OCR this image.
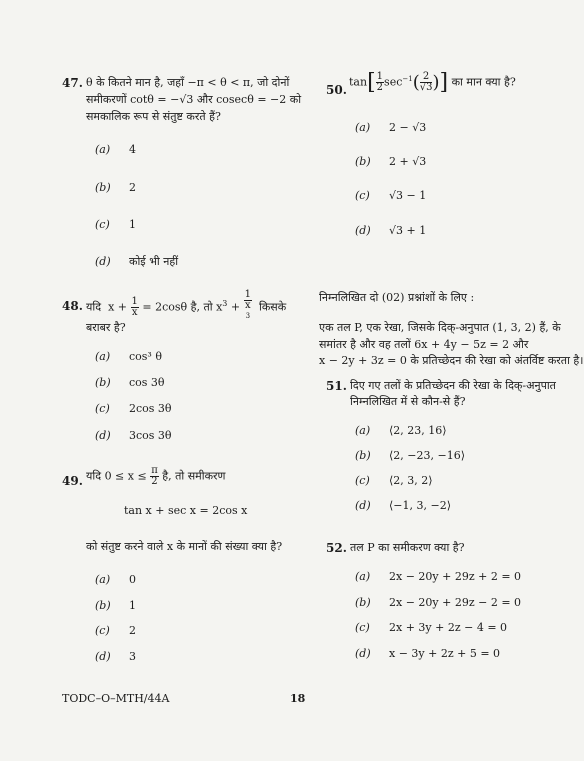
47. θ के कितने मान है, जहाँ −π < θ < π, जो दोनों
समीकरणों cotθ = −√3 और cosecθ = −2 को
समकालिक रूप से संतुष्ट करते हैं?
(a) 4
(b) 2
(c) 1
(d) कोई भी नहीं
48. यदि $x + \frac{1}{x} = 2\cos\theta$ है, तो $x^3 + 1$
x
$^3$ किसके
बराबर है?
(a) cos³ θ
(b) cos 3θ
(c) 2cos 3θ
(d) 3cos 3θ
49. यदि $0 \le x \le \frac{\pi}{2}$ है, तो समीकरण
tan x + sec x = 2cos x
को संतुष्ट करने वाले x के मानों की संख्या क्या है?
(a) 0
(b) 1
(c) 2
(d) 3
50.
$\tan[ \frac{1}{2} \sec^{-1}( \frac{2}{√3}$ )] का मान क्या है?
(a) 2 − √3
(b) 2 + √3
(c) √3 − 1
(d) √3 + 1
निम्नलिखित दो (02) प्रश्नांशों के लिए :
एक तल P, एक रेखा, जिसके दिक्-अनुपात (1, 3, 2) हैं, के
समांतर है और वह तलों 6x + 4y − 5z = 2 और
x − 2y + 3z = 0 के प्रतिच्छेदन की रेखा को अंतर्विष्ट करता है।
51. दिए गए तलों के प्रतिच्छेदन की रेखा के दिक्-अनुपात
निम्नलिखित में से कौन-से हैं?
(a) ⟨2, 23, 16⟩
(b) ⟨2, −23, −16⟩
(c) ⟨2, 3, 2⟩
(d) ⟨−1, 3, −2⟩
52. तल P का समीकरण क्या है?
(a) 2x − 20y + 29z + 2 = 0
(b) 2x − 20y + 29z − 2 = 0
(c) 2x + 3y + 2z − 4 = 0
(d) x − 3y + 2z + 5 = 0
TODC–O–MTH/44A	18
